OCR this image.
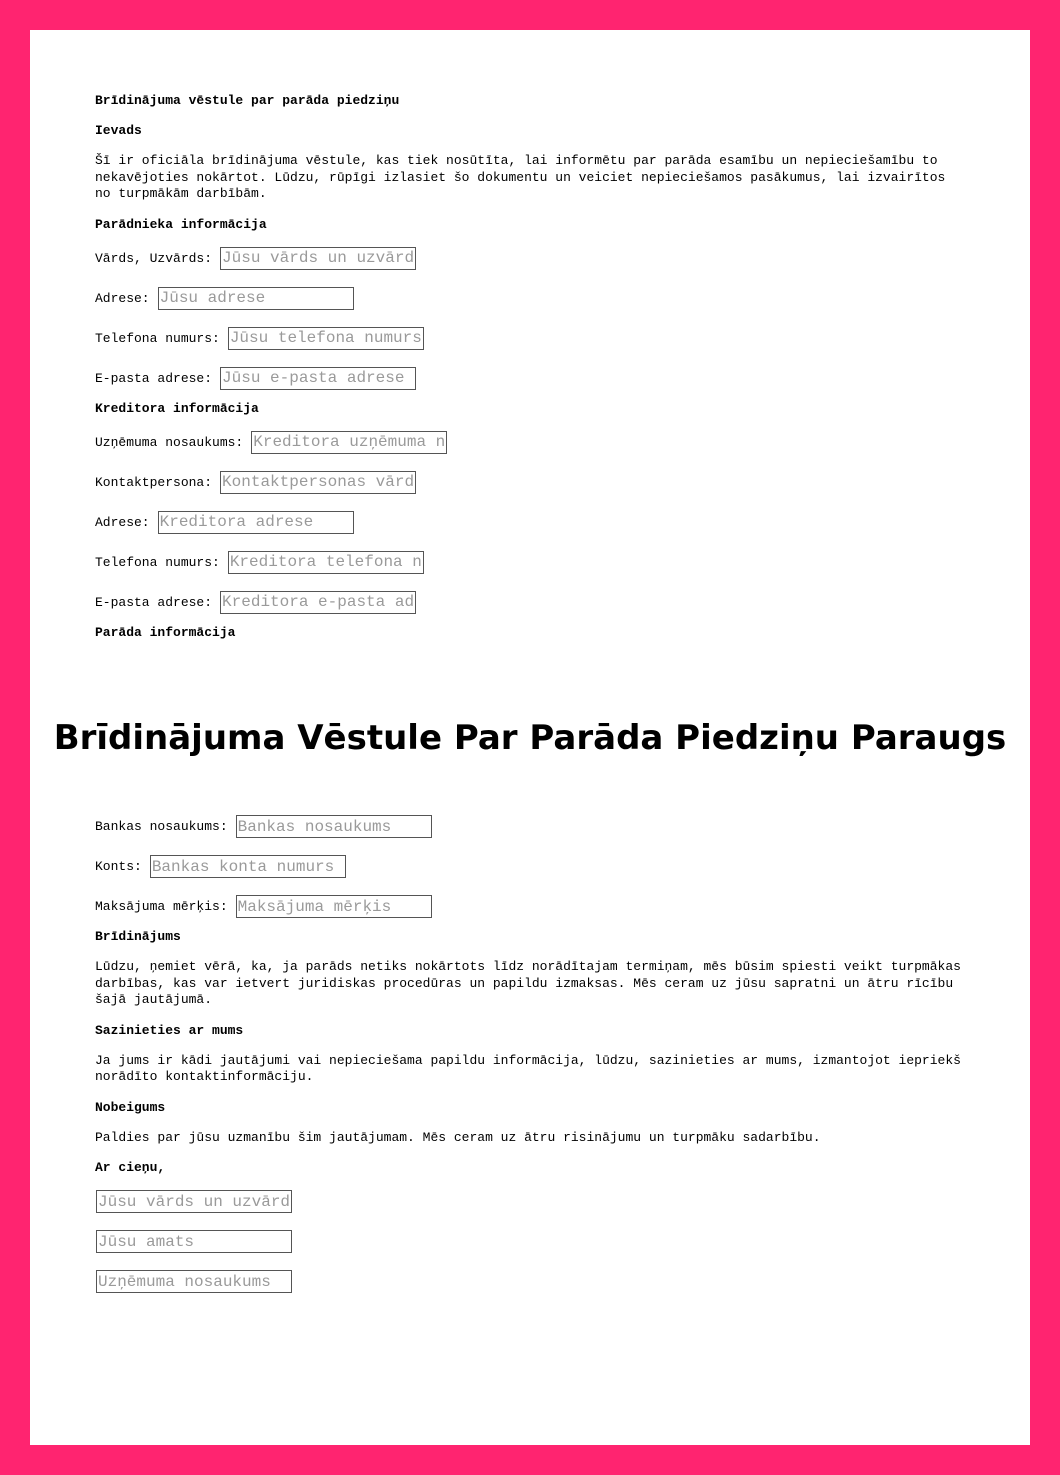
Brīdinājuma vēstule par parāda piedziņu
Ievads
Šī ir oficiāla brīdinājuma vēstule, kas tiek nosūtīta, lai informētu par parāda esamību un nepieciešamību to nekavējoties nokārtot. Lūdzu, rūpīgi izlasiet šo dokumentu un veiciet nepieciešamos pasākumus, lai izvairītos no turpmākām darbībām.
Parādnieka informācija
Vārds, Uzvārds:
Jūsu vārds un uzvārds
Adrese:
Jūsu adrese
Telefona numurs:
Jūsu telefona numurs
E-pasta adrese:
Jūsu e-pasta adrese
Kreditora informācija
Uzņēmuma nosaukums:
Kreditora uzņēmuma nosaukums
Kontaktpersona:
Kontaktpersonas vārds
Adrese:
Kreditora adrese
Telefona numurs:
Kreditora telefona numurs
E-pasta adrese:
Kreditora e-pasta adrese
Parāda informācija
Brīdinājuma Vēstule Par Parāda Piedziņu Paraugs
Bankas nosaukums:
Bankas nosaukums
Konts:
Bankas konta numurs
Maksājuma mērķis:
Maksājuma mērķis
Brīdinājums
Lūdzu, ņemiet vērā, ka, ja parāds netiks nokārtots līdz norādītajam termiņam, mēs būsim spiesti veikt turpmākas darbības, kas var ietvert juridiskas procedūras un papildu izmaksas. Mēs ceram uz jūsu sapratni un ātru rīcību šajā jautājumā.
Sazinieties ar mums
Ja jums ir kādi jautājumi vai nepieciešama papildu informācija, lūdzu, sazinieties ar mums, izmantojot iepriekš norādīto kontaktinformāciju.
Nobeigums
Paldies par jūsu uzmanību šim jautājumam. Mēs ceram uz ātru risinājumu un turpmāku sadarbību.
Ar cieņu,
Jūsu vārds un uzvārds
Jūsu amats
Uzņēmuma nosaukums
